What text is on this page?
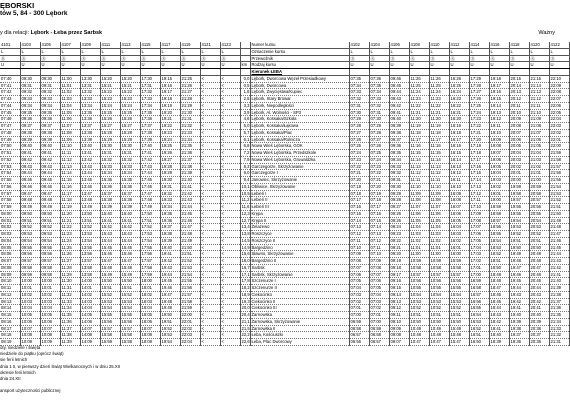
ĘBORSKI
tów 5, 84 - 300 Lębork
y dla relacji: Lębork - Łeba przez Sarbsk	Ważny
4101	4103	4105	4107	4109	4111	4113	4115	4117	4119	4121	4123		Numer kursu	4102	4104	4106	4108	4110	4112	4114	4116	4118	4120	4122
L	L	L	L	L	L	L	L	L	L	L	L		Oznaczenie kursu	L	L	L	L	L	L	L	L	L	L	L
Ⓡ	Ⓡ	Ⓡ	Ⓡ	Ⓡ	Ⓡ	Ⓡ	Ⓡ	Ⓡ	Ⓡ	Ⓡ	Ⓡ		Przewoźnik	Ⓡ	Ⓡ	Ⓡ	Ⓡ	Ⓡ	Ⓡ	Ⓡ	Ⓡ	Ⓡ	Ⓡ	Ⓡ
U	U	U	U	U	U	U	U	U	U	U	U	km	Rodzaj kursu	U	U	U	U	U	U	U	U	U	U	U
													Kierunek ŁEBA											
07:40	09:30	09:30	11:00	13:30	15:20	15:20	17:30	19:15	21:25	<	<	0,0	Lębork, Dworcowa Węzeł Przesiadkowy	07:35	07:36	09:46	11:26	11:26	16:26	17:29	19:18	20:15	21:15	22:10
07:41	09:31	09:31	11:01	13:31	15:21	15:21	17:31	19:16	21:26	<	<	0,5	Lębork, Dworcowa	07:34	07:35	09:45	11:25	11:25	16:25	17:28	19:17	20:14	21:14	22:09
07:42	09:32	09:32	11:02	13:32	15:22	15:22	17:32	19:17	21:27	<	<	1,8	Lębork, Zwycięstwa/Kupiec	07:33	07:34	09:44	11:24	11:24	16:24	17:27	19:16	20:13	21:13	22:08
07:43	09:33	09:33	11:03	13:33	15:23	15:23	17:33	19:18	21:28	<	<	2,5	Lębork, Stary Browar	07:32	07:33	09:43	11:23	11:23	16:23	17:26	19:15	20:12	21:12	22:07
07:44	09:34	09:34	11:04	13:34	15:24	15:24	17:34	19:19	21:29	<	<	3,3	Lębork, Niepodległości	07:31	07:32	09:42	11:22	11:22	16:22	17:25	19:14	20:11	21:11	22:06
07:45	09:35	09:35	11:05	13:35	15:25	15:25	17:35	19:20	21:30	<	<	3,9	Lębork, Al. Wolności - SP3	07:30	07:31	09:41	11:21	11:21	16:21	17:24	19:13	20:10	21:10	22:05
07:46	09:36	09:36	11:06	13:36	15:26	15:26	17:36	19:21	21:31	<	<	4,6	Lębork, Kossaka/Szkoła	07:29	07:30	09:40	11:20	11:20	16:20	17:23	19:12	20:09	21:09	22:04
07:47	09:37	09:37	11:07	13:37	15:27	15:27	17:37	19:22	21:32	<	<	5,0	Lębork, Kossaka/Łąkowa	07:28	07:29	09:39	11:19	11:19	16:19	17:22	19:11	20:08	21:08	22:03
07:48	09:38	09:38	11:08	13:38	15:28	15:28	17:38	19:23	21:33	<	<	5,7	Lębork, Kossaka/Plac	07:27	07:28	09:38	11:18	11:18	16:18	17:21	19:10	20:07	21:07	22:02
07:49	09:39	09:39	11:09	13:39	15:29	15:29	17:39	19:24	21:34	<	<	6,1	Lębork, Kossaka/Rolnicza	07:26	07:27	09:37	11:17	11:17	16:17	17:20	19:09	20:06	21:06	22:01
07:50	09:40	09:40	11:10	13:40	15:30	15:30	17:40	19:25	21:35	<	<	6,8	Nowa Wieś Lęborska, GOK	07:25	07:26	09:36	11:16	11:16	16:16	17:19	19:08	20:05	21:05	22:00
07:51	09:41	09:41	11:11	13:41	15:31	15:31	17:41	19:26	21:36	<	<	7,2	Nowa Wieś Lęborska, Przedszkole	07:24	07:25	09:35	11:15	11:15	16:15	17:18	19:07	20:04	21:04	21:59
07:52	09:42	09:42	11:12	13:42	15:32	15:32	17:42	19:27	21:37	<	<	7,9	Nowa Wieś Lęborska, Gruwaldzka	07:23	07:24	09:34	11:14	11:14	16:14	17:17	19:06	20:03	21:03	21:58
07:53	09:43	09:43	11:13	13:43	15:33	15:33	17:43	19:28	21:38	<	<	8,3	Garczegorze, Skrzyżowanie	07:22	07:23	09:33	11:13	11:13	16:13	17:16	19:05	20:02	21:02	21:57
07:54	09:44	09:44	11:14	13:44	15:34	15:34	17:44	19:29	21:39	<	<	9,0	Garczegorze I	07:21	07:22	09:32	11:12	11:12	16:12	17:15	19:04	20:01	21:01	21:56
07:55	09:45	09:45	11:15	13:45	15:35	15:35	17:45	19:30	21:40	<	<	9,4	Janowiec, Skrzyżowanie	07:20	07:21	09:31	11:11	11:11	16:11	17:14	19:03	20:00	21:00	21:55
07:56	09:46	09:46	11:16	13:46	15:36	15:36	17:46	19:31	21:41	<	<	10,1	Obliwice, Skrzyżowanie	07:19	07:20	09:30	11:10	11:10	16:10	17:13	19:02	19:59	20:59	21:54
07:57	09:47	09:47	11:17	13:47	15:37	15:37	17:47	19:32	21:42	<	<	10,5	Łebień I	07:18	07:19	09:29	11:09	11:09	16:09	17:12	19:01	19:58	20:58	21:53
07:58	09:48	09:48	11:18	13:48	15:38	15:38	17:48	19:33	21:43	<	<	11,2	Łebień II	07:17	07:18	09:28	11:08	11:08	16:08	17:11	19:00	19:57	20:57	21:52
07:59	09:49	09:49	11:19	13:49	15:39	15:39	17:49	19:34	21:44	<	<	11,6	Łebień III	07:16	07:17	09:27	11:07	11:07	16:07	17:10	18:59	19:56	20:56	21:51
08:00	09:50	09:50	11:20	13:50	15:40	15:40	17:50	19:35	21:45	<	<	12,3	Krępa	07:15	07:16	09:26	11:06	11:06	16:06	17:09	18:58	19:55	20:55	21:50
08:01	09:51	09:51	11:21	13:51	15:41	15:41	17:51	19:36	21:46	<	<	12,7	Krępa II	07:14	07:15	09:25	11:05	11:05	16:05	17:08	18:57	19:54	20:54	21:49
08:02	09:52	09:52	11:22	13:52	15:42	15:42	17:52	19:37	21:47	<	<	13,4	Żelazewo	07:13	07:14	09:24	11:04	11:04	16:04	17:07	18:56	19:53	20:53	21:48
08:03	09:53	09:53	11:23	13:53	15:43	15:43	17:53	19:38	21:48	<	<	13,8	Roszczyce	07:12	07:13	09:23	11:03	11:03	16:03	17:06	18:55	19:52	20:52	21:47
08:04	09:54	09:54	11:24	13:54	15:44	15:44	17:54	19:39	21:49	<	<	14,5	Roszczyce II	07:11	07:12	09:22	11:02	11:02	16:02	17:05	18:54	19:51	20:51	21:46
08:05	09:55	09:55	11:25	13:55	15:45	15:45	17:55	19:40	21:50	<	<	14,9	Bargedzino	07:10	07:11	09:21	11:01	11:01	16:01	17:04	18:53	19:50	20:50	21:45
08:06	09:56	09:56	11:26	13:56	15:46	15:46	17:56	19:41	21:51	<	<	15,6	Sławno, Skrzyżowanie	07:09	07:10	09:20	11:00	11:00	16:00	17:03	18:52	19:49	20:49	21:44
08:07	09:57	09:57	11:27	13:57	15:47	15:47	17:57	19:42	21:52	<	<	16,0	Bargedzino II	07:08	07:09	09:19	10:59	10:59	15:59	17:02	18:51	19:48	20:48	21:43
08:08	09:58	09:58	11:28	13:58	15:48	15:48	17:58	19:43	21:53	<	<	16,7	Sarbsk	07:07	07:08	09:18	10:58	10:58	15:58	17:01	18:50	19:47	20:47	21:42
08:09	09:59	09:59	11:29	13:59	15:49	15:49	17:59	19:44	21:54	<	<	17,1	Sarbsk, Skrzyżowanie	07:06	07:07	09:17	10:57	10:57	15:57	17:00	18:49	19:46	20:46	21:41
08:10	10:00	10:00	11:30	14:00	15:50	15:50	18:00	19:45	21:55	<	<	17,8	Szczenurze I	07:05	07:06	09:16	10:56	10:56	15:56	16:59	18:48	19:45	20:45	21:40
08:11	10:01	10:01	11:31	14:01	15:51	15:51	18:01	19:46	21:56	<	<	18,2	Szczenurze II	07:04	07:05	09:15	10:55	10:55	15:55	16:58	18:47	19:44	20:44	21:39
08:12	10:02	10:02	11:32	14:02	15:52	15:52	18:02	19:47	21:57	<	<	18,9	Ciekocinko	07:03	07:04	09:14	10:54	10:54	15:54	16:57	18:46	19:43	20:43	21:38
08:13	10:03	10:03	11:33	14:03	15:53	15:53	18:03	19:48	21:58	<	<	19,3	Ciekocinko II	07:02	07:03	09:13	10:53	10:53	15:53	16:56	18:45	19:42	20:42	21:37
08:14	10:04	10:04	11:34	14:04	15:54	15:54	18:04	19:49	21:59	<	<	20,0	Ciekocinko III	07:01	07:02	09:12	10:52	10:52	15:52	16:55	18:44	19:41	20:41	21:36
08:15	10:05	10:05	11:35	14:05	15:55	15:55	18:05	19:50	22:00	<	<	20,4	Żarnowska	07:00	07:01	09:11	10:51	10:51	15:51	16:54	18:43	19:40	20:40	21:35
08:16	10:06	10:06	11:36	14:06	15:56	15:56	18:06	19:51	22:01	<	<	21,1	Żarnowska, Skrzyżowanie	06:59	07:00	09:10	10:50	10:50	15:50	16:53	18:42	19:39	20:39	21:34
08:17	10:07	10:07	11:37	14:07	15:57	15:57	18:07	19:52	22:02	<	<	21,5	Żarnowska II	06:58	06:59	09:09	10:49	10:49	15:49	16:52	18:41	19:38	20:38	21:33
08:18	10:08	10:08	11:38	14:08	15:58	15:58	18:08	19:53	22:03	<	<	22,2	Łeba, Kościuszki	06:57	06:58	09:08	10:48	10:48	15:48	16:51	18:40	19:37	20:37	21:32
08:19	10:09	10:09	11:39	14:09	15:59	15:59	18:09	19:54	22:04	<	<	22,6	Łeba, Plac Dworcowy	06:56	06:57	09:07	10:47	10:47	15:47	16:50	18:39	19:36	20:36	21:31
oty, niedziele i święta
niedziele do piątku (oprócz świąt)
sie ferii letnich
dnia 1 II, w pierwszy dzień Świąt Wielkanocnych i w dniu 25.XII
okresie ferii letnich
dnia 24.XII
ansport użyteczności publicznej
